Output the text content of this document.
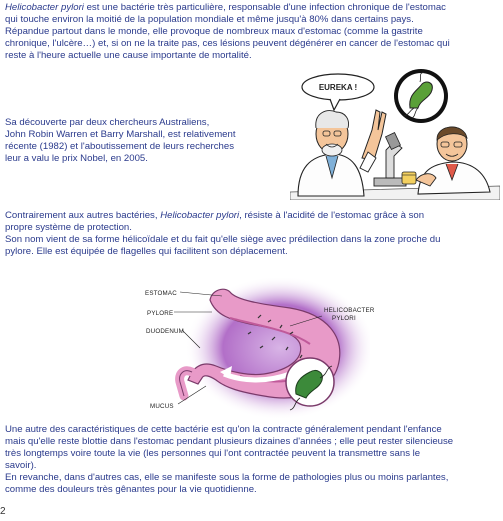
Helicobacter pylori est une bactérie très particulière, responsable d'une infection chronique de l'estomac
qui touche environ la moitié de la population mondiale et même jusqu'à 80% dans certains pays.
Répandue partout dans le monde, elle provoque de nombreux maux d'estomac (comme la gastrite
chronique, l'ulcère…) et, si on ne la traite pas, ces lésions peuvent dégénérer en cancer de l'estomac qui
reste à l'heure actuelle une cause importante de mortalité.
Sa découverte par deux chercheurs Australiens,
John Robin Warren et Barry Marshall, est relativement
récente (1982) et l'aboutissement de leurs recherches
leur a valu le prix Nobel, en 2005.
EUREKA !
Contrairement aux autres bactéries, Helicobacter pylori, résiste à l'acidité de l'estomac grâce à son
propre système de protection.
Son nom vient de sa forme hélicoïdale et du fait qu'elle siège avec prédilection dans la zone proche du
pylore. Elle est équipée de flagelles qui facilitent son déplacement.
ESTOMAC
PYLORE
DUODENUM
MUCUS
HELICOBACTER
PYLORI
Une autre des caractéristiques de cette bactérie est qu'on la contracte généralement pendant l'enfance
mais qu'elle reste blottie dans l'estomac pendant plusieurs dizaines d'années ; elle peut rester silencieuse
très longtemps voire toute la vie (les personnes qui l'ont contractée peuvent la transmettre sans le
savoir).
En revanche, dans d'autres cas, elle se manifeste sous la forme de pathologies plus ou moins parlantes,
comme des douleurs très gênantes pour la vie quotidienne.
2
